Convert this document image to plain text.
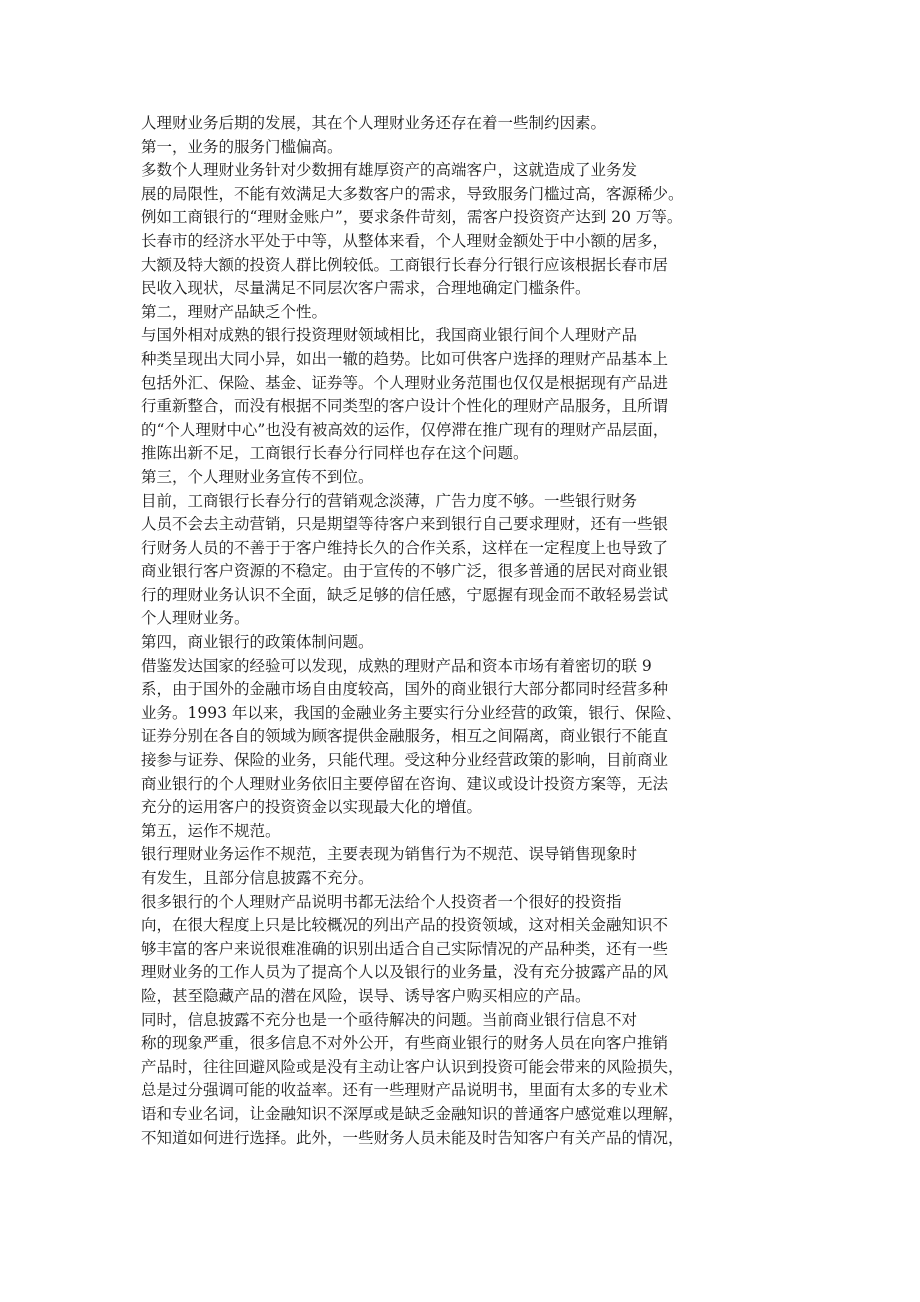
人理财业务后期的发展，其在个人理财业务还存在着一些制约因素。
第一，业务的服务门槛偏高。
多数个人理财业务针对少数拥有雄厚资产的高端客户，这就造成了业务发
展的局限性，不能有效满足大多数客户的需求，导致服务门槛过高，客源稀少。
例如工商银行的“理财金账户”，要求条件苛刻，需客户投资资产达到 20 万等。
长春市的经济水平处于中等，从整体来看，个人理财金额处于中小额的居多，
大额及特大额的投资人群比例较低。工商银行长春分行银行应该根据长春市居
民收入现状，尽量满足不同层次客户需求，合理地确定门槛条件。
第二，理财产品缺乏个性。
与国外相对成熟的银行投资理财领域相比，我国商业银行间个人理财产品
种类呈现出大同小异，如出一辙的趋势。比如可供客户选择的理财产品基本上
包括外汇、保险、基金、证券等。个人理财业务范围也仅仅是根据现有产品进
行重新整合，而没有根据不同类型的客户设计个性化的理财产品服务，且所谓
的“个人理财中心”也没有被高效的运作，仅停滞在推广现有的理财产品层面，
推陈出新不足，工商银行长春分行同样也存在这个问题。
第三，个人理财业务宣传不到位。
目前，工商银行长春分行的营销观念淡薄，广告力度不够。一些银行财务
人员不会去主动营销，只是期望等待客户来到银行自己要求理财，还有一些银
行财务人员的不善于于客户维持长久的合作关系，这样在一定程度上也导致了
商业银行客户资源的不稳定。由于宣传的不够广泛，很多普通的居民对商业银
行的理财业务认识不全面，缺乏足够的信任感，宁愿握有现金而不敢轻易尝试
个人理财业务。
第四，商业银行的政策体制问题。
借鉴发达国家的经验可以发现，成熟的理财产品和资本市场有着密切的联 9
系，由于国外的金融市场自由度较高，国外的商业银行大部分都同时经营多种
业务。1993 年以来，我国的金融业务主要实行分业经营的政策，银行、保险、
证券分别在各自的领域为顾客提供金融服务，相互之间隔离，商业银行不能直
接参与证券、保险的业务，只能代理。受这种分业经营政策的影响，目前商业
商业银行的个人理财业务依旧主要停留在咨询、建议或设计投资方案等，无法
充分的运用客户的投资资金以实现最大化的增值。
第五，运作不规范。
银行理财业务运作不规范，主要表现为销售行为不规范、误导销售现象时
有发生，且部分信息披露不充分。
很多银行的个人理财产品说明书都无法给个人投资者一个很好的投资指
向，在很大程度上只是比较概况的列出产品的投资领域，这对相关金融知识不
够丰富的客户来说很难准确的识别出适合自己实际情况的产品种类，还有一些
理财业务的工作人员为了提高个人以及银行的业务量，没有充分披露产品的风
险，甚至隐藏产品的潜在风险，误导、诱导客户购买相应的产品。
同时，信息披露不充分也是一个亟待解决的问题。当前商业银行信息不对
称的现象严重，很多信息不对外公开，有些商业银行的财务人员在向客户推销
产品时，往往回避风险或是没有主动让客户认识到投资可能会带来的风险损失，
总是过分强调可能的收益率。还有一些理财产品说明书，里面有太多的专业术
语和专业名词，让金融知识不深厚或是缺乏金融知识的普通客户感觉难以理解，
不知道如何进行选择。此外，一些财务人员未能及时告知客户有关产品的情况，
